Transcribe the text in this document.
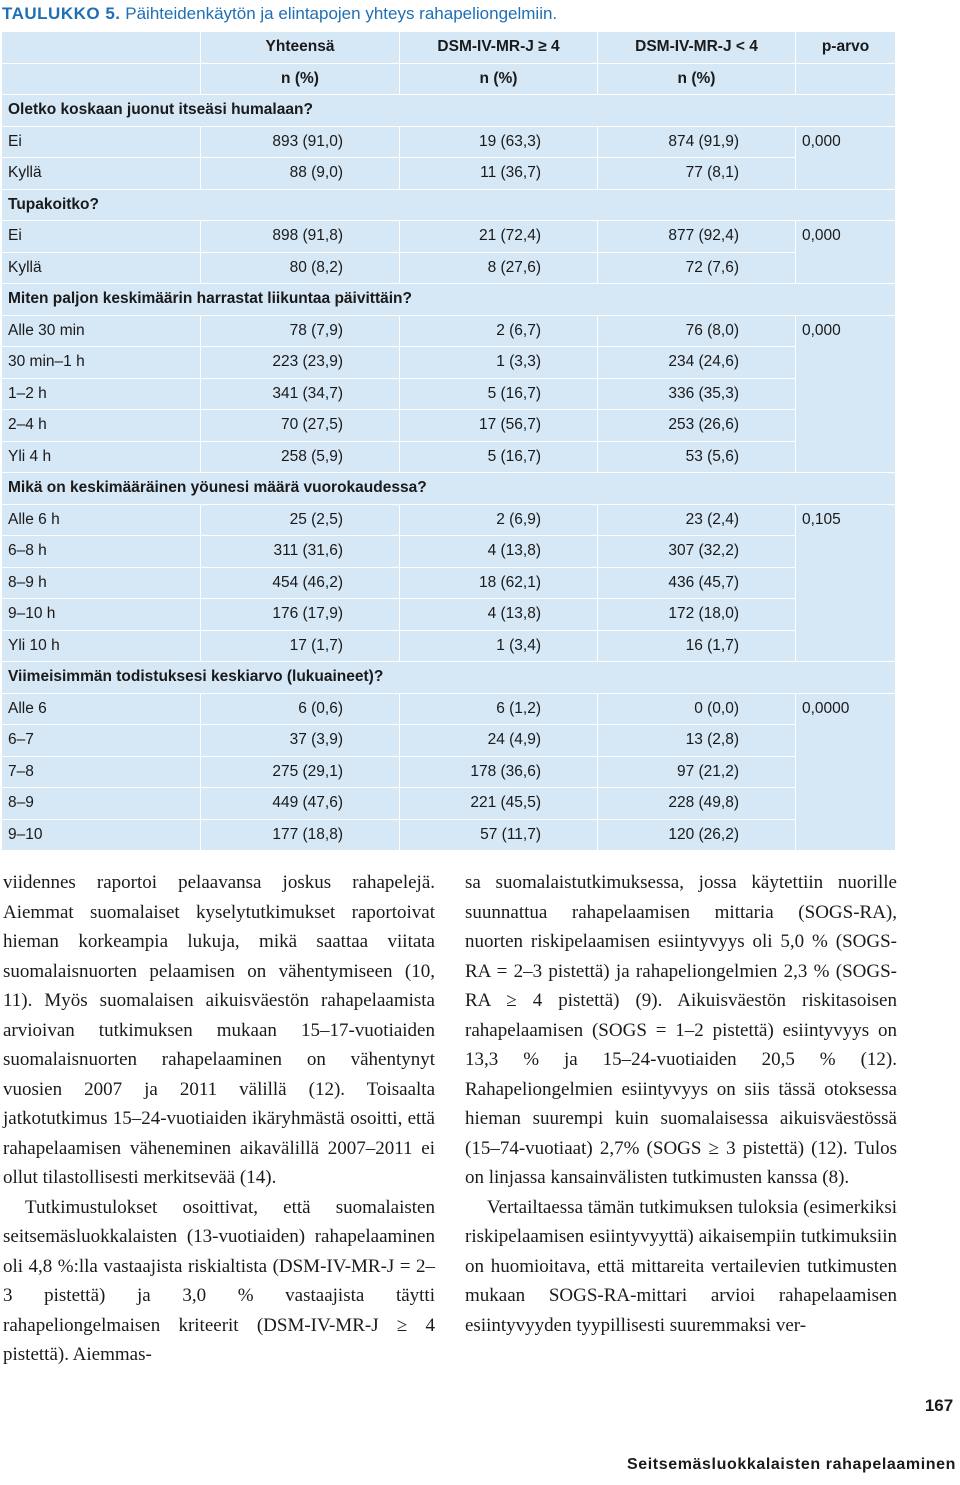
TAULUKKO 5. Päihteidenkäytön ja elintapojen yhteys rahapeliongelmiin.
	Yhteensä	DSM-IV-MR-J ≥ 4	DSM-IV-MR-J < 4	p-arvo
	n (%)	n (%)	n (%)	
Oletko koskaan juonut itseäsi humalaan?				
Ei	893 (91,0)	19 (63,3)	874 (91,9)	0,000
Kyllä	88 (9,0)	11 (36,7)	77 (8,1)	
Tupakoitko?				
Ei	898 (91,8)	21 (72,4)	877 (92,4)	0,000
Kyllä	80 (8,2)	8 (27,6)	72 (7,6)	
Miten paljon keskimäärin harrastat liikuntaa päivittäin?				
Alle 30 min	78 (7,9)	2 (6,7)	76 (8,0)	0,000
30 min–1 h	223 (23,9)	1 (3,3)	234 (24,6)	
1–2 h	341 (34,7)	5 (16,7)	336 (35,3)	
2–4 h	70 (27,5)	17 (56,7)	253 (26,6)	
Yli 4 h	258 (5,9)	5 (16,7)	53 (5,6)	
Mikä on keskimääräinen yöunesi määrä vuorokaudessa?				
Alle 6 h	25 (2,5)	2 (6,9)	23 (2,4)	0,105
6–8 h	311 (31,6)	4 (13,8)	307 (32,2)	
8–9 h	454 (46,2)	18 (62,1)	436 (45,7)	
9–10 h	176 (17,9)	4 (13,8)	172 (18,0)	
Yli 10 h	17 (1,7)	1 (3,4)	16 (1,7)	
Viimeisimmän todistuksesi keskiarvo (lukuaineet)?				
Alle 6	6 (0,6)	6 (1,2)	0 (0,0)	0,0000
6–7	37 (3,9)	24 (4,9)	13 (2,8)	
7–8	275 (29,1)	178 (36,6)	97 (21,2)	
8–9	449 (47,6)	221 (45,5)	228 (49,8)	
9–10	177 (18,8)	57 (11,7)	120 (26,2)	

viidennes raportoi pelaavansa joskus rahapelejä. Aiemmat suomalaiset kyselytutkimukset raportoivat hieman korkeampia lukuja, mikä saattaa viitata suomalaisnuorten pelaamisen on vähentymiseen (10, 11). Myös suomalaisen aikuisväestön rahapelaamista arvioivan tutkimuksen mukaan 15–17-vuotiaiden suomalaisnuorten rahapelaaminen on vähentynyt vuosien 2007 ja 2011 välillä (12). Toisaalta jatkotutkimus 15–24-vuotiaiden ikäryhmästä osoitti, että rahapelaamisen väheneminen aikavälillä 2007–2011 ei ollut tilastollisesti merkitsevää (14).

Tutkimustulokset osoittivat, että suomalaisten seitsemäsluokkalaisten (13-vuotiaiden) rahapelaaminen oli 4,8 %:lla vastaajista riskialtista (DSM-IV-MR-J = 2–3 pistettä) ja 3,0 % vastaajista täytti rahapeliongelmaisen kriteerit (DSM-IV-MR-J ≥ 4 pistettä). Aiemmas-

sa suomalaistutkimuksessa, jossa käytettiin nuorille suunnattua rahapelaamisen mittaria (SOGS-RA), nuorten riskipelaamisen esiintyvyys oli 5,0 % (SOGS-RA = 2–3 pistettä) ja rahapeliongelmien 2,3 % (SOGS-RA ≥ 4 pistettä) (9). Aikuisväestön riskitasoisen rahapelaamisen (SOGS = 1–2 pistettä) esiintyvyys on 13,3 % ja 15–24-vuotiaiden 20,5 % (12). Rahapeliongelmien esiintyvyys on siis tässä otoksessa hieman suurempi kuin suomalaisessa aikuisväestössä (15–74-vuotiaat) 2,7% (SOGS ≥ 3 pistettä) (12). Tulos on linjassa kansainvälisten tutkimusten kanssa (8).

Vertailtaessa tämän tutkimuksen tuloksia (esimerkiksi riskipelaamisen esiintyvyyttä) aikaisempiin tutkimuksiin on huomioitava, että mittareita vertailevien tutkimusten mukaan SOGS-RA-mittari arvioi rahapelaamisen esiintyvyyden tyypillisesti suuremmaksi ver-

167
Seitsemäsluokkalaisten rahapelaaminen
